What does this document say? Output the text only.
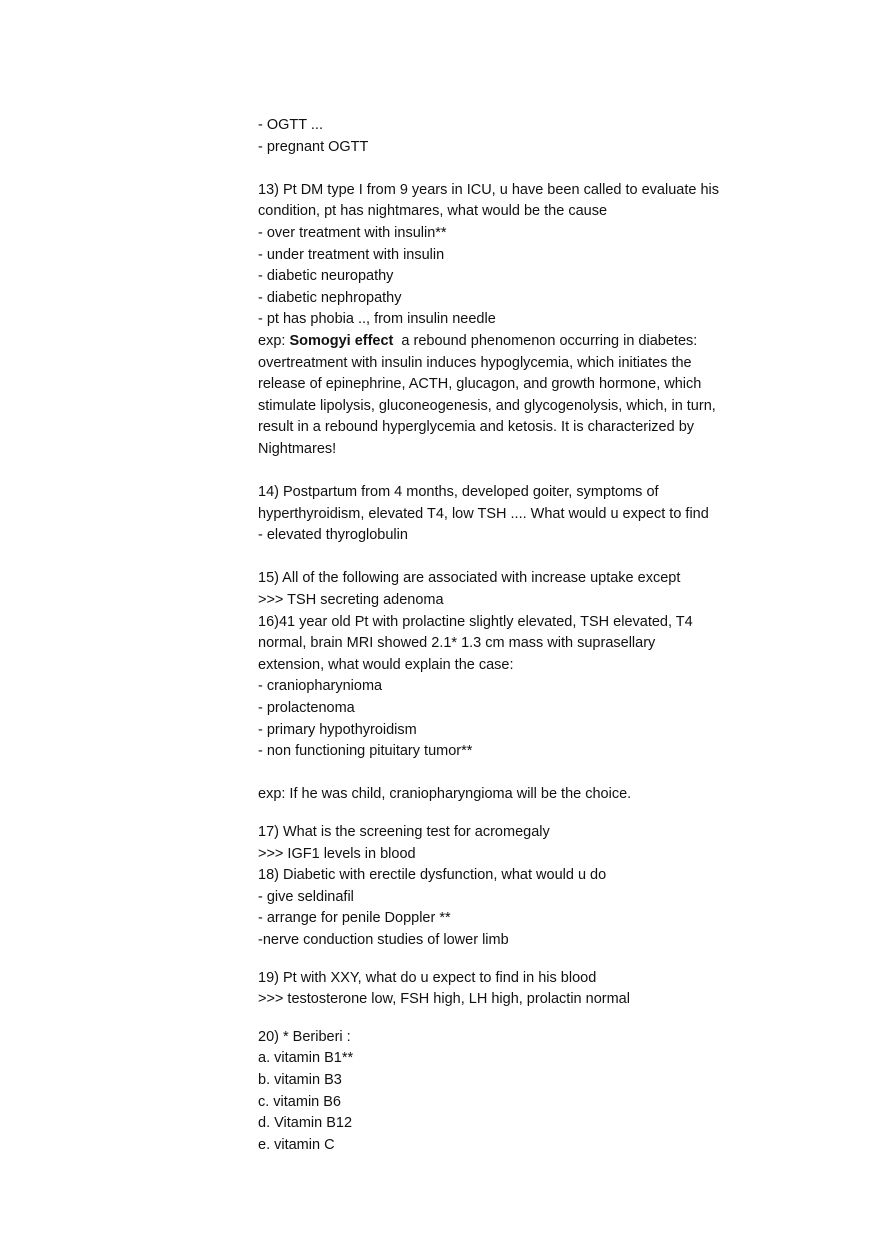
- OGTT ...
- pregnant OGTT
13) Pt DM type I from 9 years in ICU, u have been called to evaluate his
condition, pt has nightmares, what would be the cause
- over treatment with insulin**
- under treatment with insulin
- diabetic neuropathy
- diabetic nephropathy
- pt has phobia .., from insulin needle
exp: Somogyi effect  a rebound phenomenon occurring in diabetes:
overtreatment with insulin induces hypoglycemia, which initiates the
release of epinephrine, ACTH, glucagon, and growth hormone, which
stimulate lipolysis, gluconeogenesis, and glycogenolysis, which, in turn,
result in a rebound hyperglycemia and ketosis. It is characterized by
Nightmares!
14) Postpartum from 4 months, developed goiter, symptoms of
hyperthyroidism, elevated T4, low TSH .... What would u expect to find
- elevated thyroglobulin
15) All of the following are associated with increase uptake except
>>> TSH secreting adenoma
16)41 year old Pt with prolactine slightly elevated, TSH elevated, T4
normal, brain MRI showed 2.1* 1.3 cm mass with suprasellary
extension, what would explain the case:
- craniopharynioma
- prolactenoma
- primary hypothyroidism
- non functioning pituitary tumor**
exp: If he was child, craniopharyngioma will be the choice.
17) What is the screening test for acromegaly
>>> IGF1 levels in blood
18) Diabetic with erectile dysfunction, what would u do
- give seldinafil
- arrange for penile Doppler **
-nerve conduction studies of lower limb
19) Pt with XXY, what do u expect to find in his blood
>>> testosterone low, FSH high, LH high, prolactin normal
20) * Beriberi :
a. vitamin B1**
b. vitamin B3
c. vitamin B6
d. Vitamin B12
e. vitamin C
